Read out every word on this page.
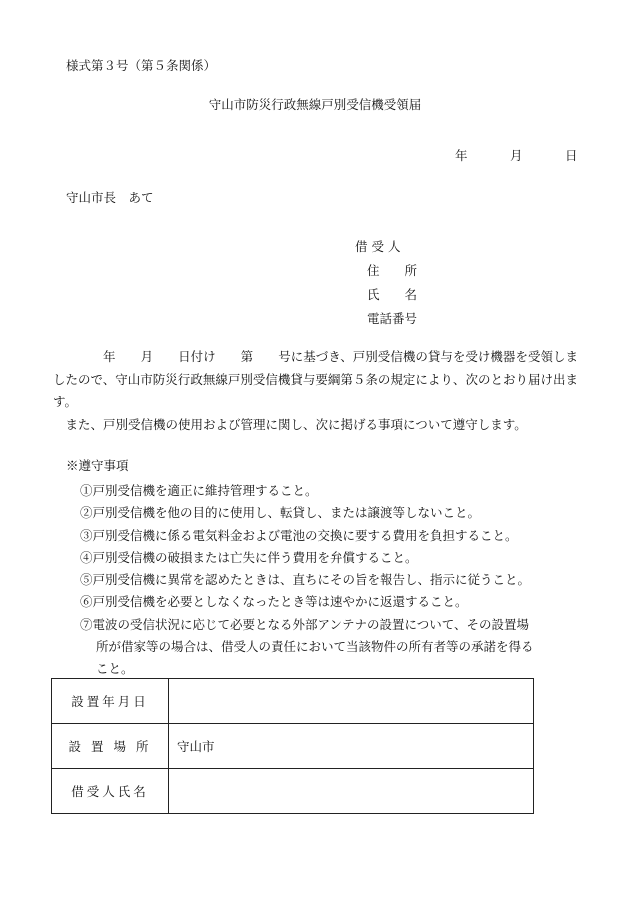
様式第３号（第５条関係）
守山市防災行政無線戸別受信機受領届
年	月	日
守山市長　あて
借 受 人
住　　所
氏　　名
電話番号

　　　　年　　月　　日付け　　第　　号に基づき、戸別受信機の貸与を受け機器を受領しましたので、守山市防災行政無線戸別受信機貸与要綱第５条の規定により、次のとおり届け出ます。

　また、戸別受信機の使用および管理に関し、次に掲げる事項について遵守します。

※遵守事項
①戸別受信機を適正に維持管理すること。
②戸別受信機を他の目的に使用し、転貸し、または譲渡等しないこと。
③戸別受信機に係る電気料金および電池の交換に要する費用を負担すること。
④戸別受信機の破損または亡失に伴う費用を弁償すること。
⑤戸別受信機に異常を認めたときは、直ちにその旨を報告し、指示に従うこと。
⑥戸別受信機を必要としなくなったとき等は速やかに返還すること。
⑦電波の受信状況に応じて必要となる外部アンテナの設置について、その設置場
所が借家等の場合は、借受人の責任において当該物件の所有者等の承諾を得る
こと。
設置年月日	
設 置 場 所	守山市
借受人氏名	
